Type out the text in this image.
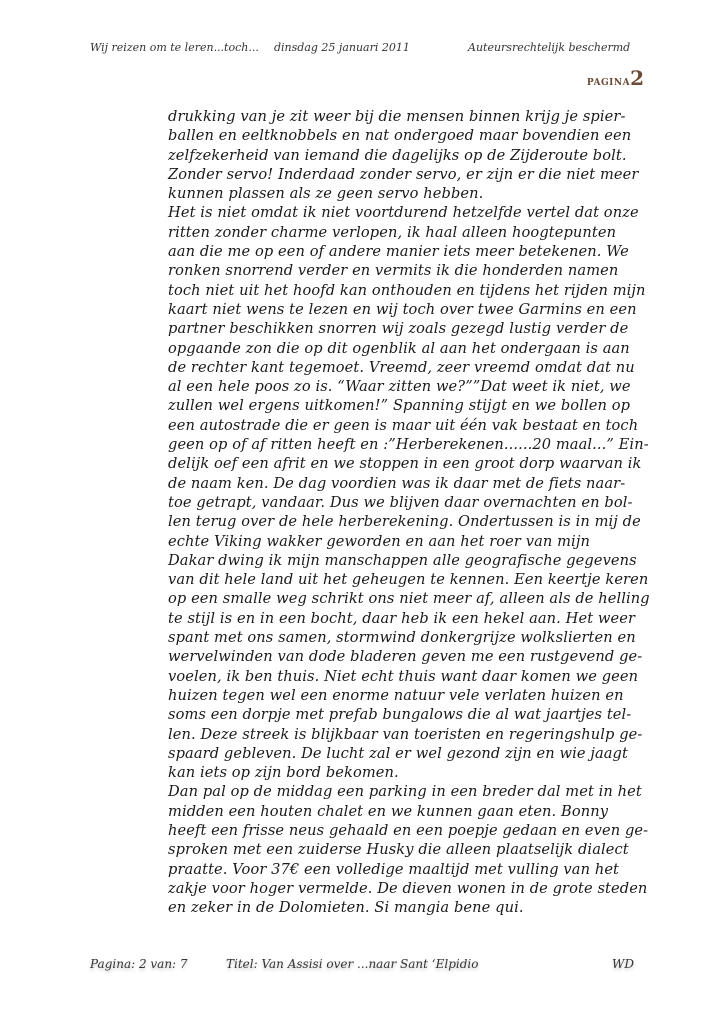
Wij reizen om te leren...toch... dinsdag 25 januari 2011	Auteursrechtelijk beschermd
PAGINA2
drukking van je zit weer bij die mensen binnen krijg je spier-
ballen en eeltknobbels en nat ondergoed maar bovendien een
zelfzekerheid van iemand die dagelijks op de Zijderoute bolt.
Zonder servo! Inderdaad zonder servo, er zijn er die niet meer
kunnen plassen als ze geen servo hebben.
Het is niet omdat ik niet voortdurend hetzelfde vertel dat onze
ritten zonder charme verlopen, ik haal alleen hoogtepunten
aan die me op een of andere manier iets meer betekenen. We
ronken snorrend verder en vermits ik die honderden namen
toch niet uit het hoofd kan onthouden en tijdens het rijden mijn
kaart niet wens te lezen en wij toch over twee Garmins en een
partner beschikken snorren wij zoals gezegd lustig verder de
opgaande zon die op dit ogenblik al aan het ondergaan is aan
de rechter kant tegemoet. Vreemd, zeer vreemd omdat dat nu
al een hele poos zo is. “Waar zitten we?””Dat weet ik niet, we
zullen wel ergens uitkomen!” Spanning stijgt en we bollen op
een autostrade die er geen is maar uit één vak bestaat en toch
geen op of af ritten heeft en :”Herberekenen......20 maal...” Ein-
delijk oef een afrit en we stoppen in een groot dorp waarvan ik
de naam ken. De dag voordien was ik daar met de fiets naar-
toe getrapt, vandaar. Dus we blijven daar overnachten en bol-
len terug over de hele herberekening. Ondertussen is in mij de
echte Viking wakker geworden en aan het roer van mijn
Dakar dwing ik mijn manschappen alle geografische gegevens
van dit hele land uit het geheugen te kennen. Een keertje keren
op een smalle weg schrikt ons niet meer af, alleen als de helling
te stijl is en in een bocht, daar heb ik een hekel aan. Het weer
spant met ons samen, stormwind donkergrijze wolkslierten en
wervelwinden van dode bladeren geven me een rustgevend ge-
voelen, ik ben thuis. Niet echt thuis want daar komen we geen
huizen tegen wel een enorme natuur vele verlaten huizen en
soms een dorpje met prefab bungalows die al wat jaartjes tel-
len. Deze streek is blijkbaar van toeristen en regeringshulp ge-
spaard gebleven. De lucht zal er wel gezond zijn en wie jaagt
kan iets op zijn bord bekomen.
Dan pal op de middag een parking in een breder dal met in het
midden een houten chalet en we kunnen gaan eten. Bonny
heeft een frisse neus gehaald en een poepje gedaan en even ge-
sproken met een zuiderse Husky die alleen plaatselijk dialect
praatte. Voor 37€ een volledige maaltijd met vulling van het
zakje voor hoger vermelde. De dieven wonen in de grote steden
en zeker in de Dolomieten. Si mangia bene qui.
Pagina: 2 van: 7	Titel: Van Assisi over ...naar Sant ‘Elpidio	WD
